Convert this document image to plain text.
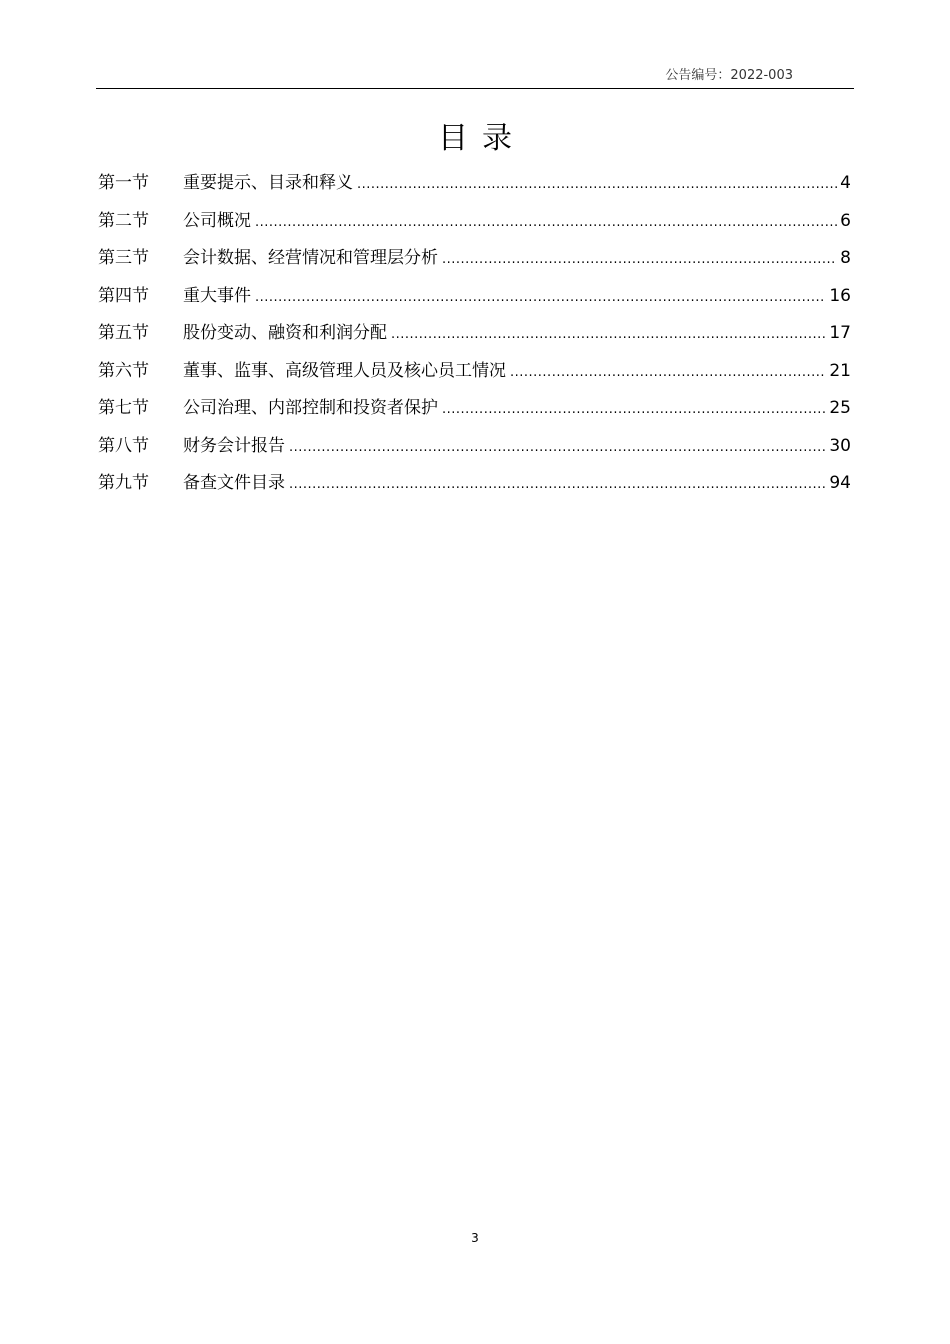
公告编号：2022-003
目录
第一节	重要提示、目录和释义 .....	4
第二节	公司概况 .....	6
第三节	会计数据、经营情况和管理层分析 .....	8
第四节	重大事件 .....	16
第五节	股份变动、融资和利润分配 .....	17
第六节	董事、监事、高级管理人员及核心员工情况 .....	21
第七节	公司治理、内部控制和投资者保护 .....	25
第八节	财务会计报告 .....	30
第九节	备查文件目录 .....	94
3
